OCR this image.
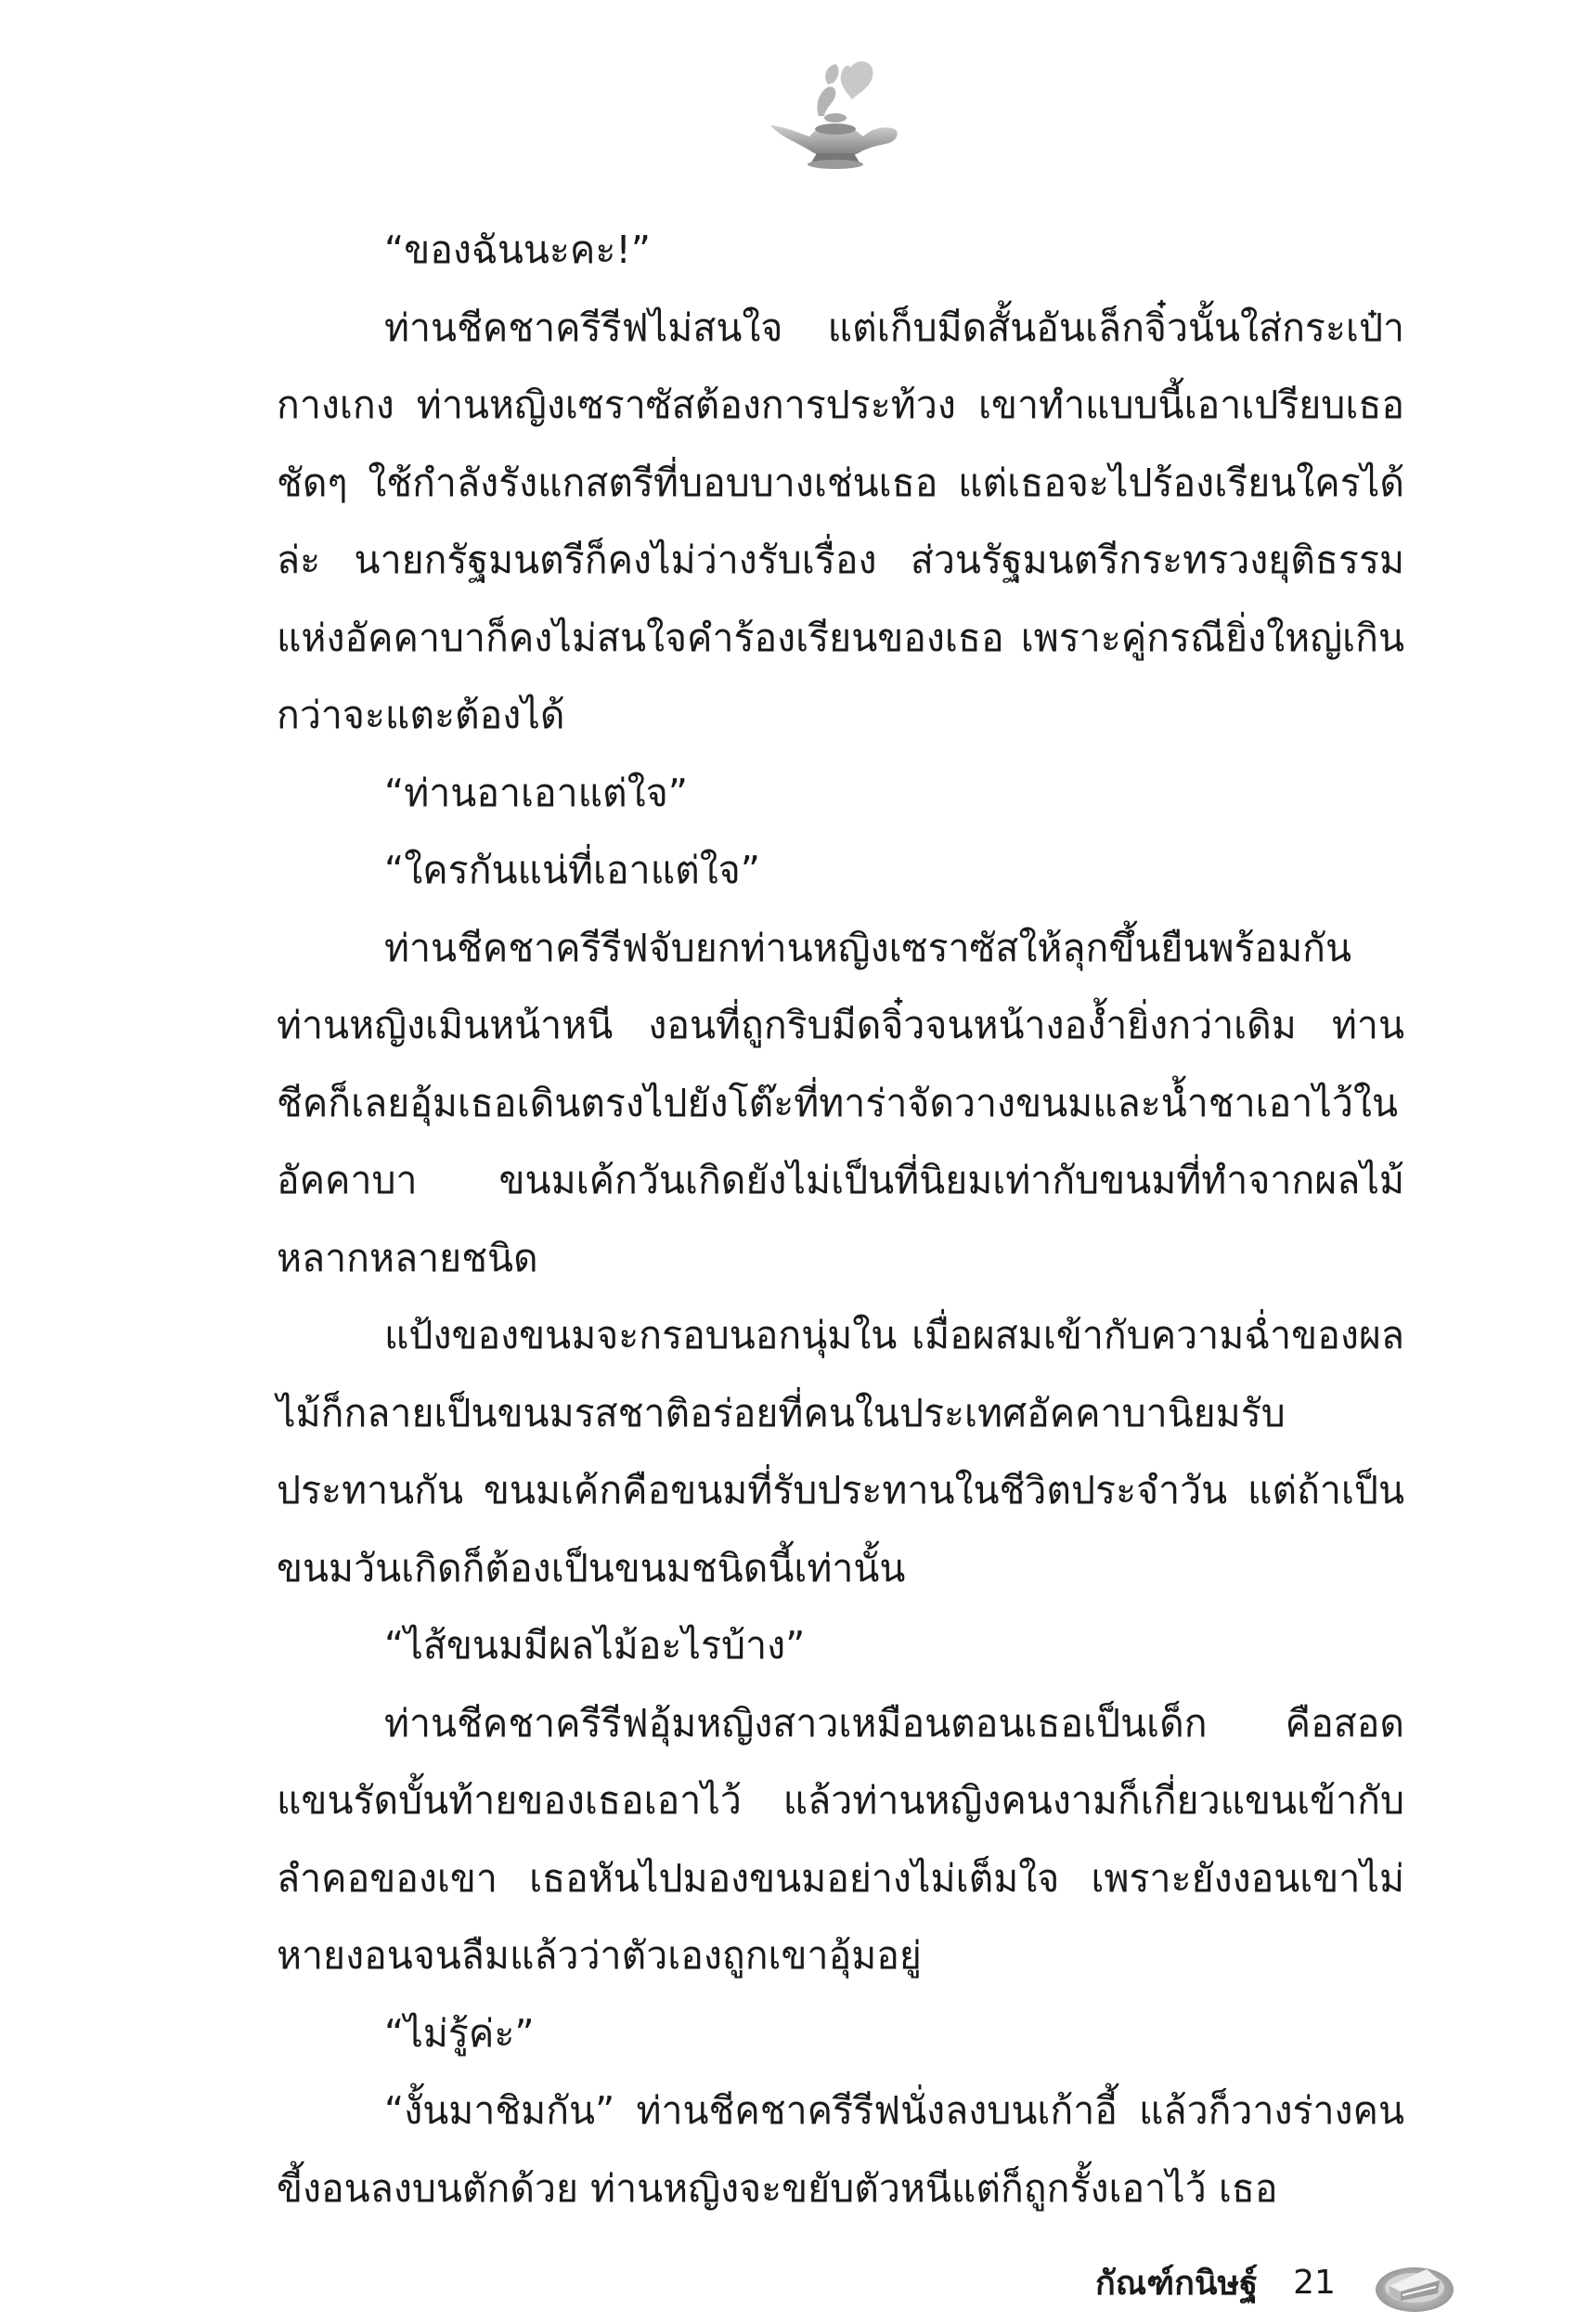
“ของฉันนะคะ!”

ท่านชีคชาครีรีฟไม่สนใจ แต่เก็บมีดสั้นอันเล็กจิ๋วนั้นใส่กระเป๋ากางเกง ท่านหญิงเซราซัสต้องการประท้วง เขาทำแบบนี้เอาเปรียบเธอชัดๆ ใช้กำลังรังแกสตรีที่บอบบางเช่นเธอ แต่เธอจะไปร้องเรียนใครได้ล่ะ นายกรัฐมนตรีก็คงไม่ว่างรับเรื่อง ส่วนรัฐมนตรีกระทรวงยุติธรรมแห่งอัคคาบาก็คงไม่สนใจคำร้องเรียนของเธอ เพราะคู่กรณียิ่งใหญ่เกินกว่าจะแตะต้องได้

“ท่านอาเอาแต่ใจ”

“ใครกันแน่ที่เอาแต่ใจ”

ท่านชีคชาครีรีฟจับยกท่านหญิงเซราซัสให้ลุกขึ้นยืนพร้อมกัน ท่านหญิงเมินหน้าหนี งอนที่ถูกริบมีดจิ๋วจนหน้างอง้ำยิ่งกว่าเดิม ท่านชีคก็เลยอุ้มเธอเดินตรงไปยังโต๊ะที่ทาร่าจัดวางขนมและน้ำชาเอาไว้ในอัคคาบา ขนมเค้กวันเกิดยังไม่เป็นที่นิยมเท่ากับขนมที่ทำจากผลไม้หลากหลายชนิด

แป้งของขนมจะกรอบนอกนุ่มใน เมื่อผสมเข้ากับความฉ่ำของผลไม้ก็กลายเป็นขนมรสชาติอร่อยที่คนในประเทศอัคคาบานิยมรับประทานกัน ขนมเค้กคือขนมที่รับประทานในชีวิตประจำวัน แต่ถ้าเป็นขนมวันเกิดก็ต้องเป็นขนมชนิดนี้เท่านั้น

“ไส้ขนมมีผลไม้อะไรบ้าง”

ท่านชีคชาครีรีฟอุ้มหญิงสาวเหมือนตอนเธอเป็นเด็ก คือสอดแขนรัดบั้นท้ายของเธอเอาไว้ แล้วท่านหญิงคนงามก็เกี่ยวแขนเข้ากับลำคอของเขา เธอหันไปมองขนมอย่างไม่เต็มใจ เพราะยังงอนเขาไม่หายงอนจนลืมแล้วว่าตัวเองถูกเขาอุ้มอยู่

“ไม่รู้ค่ะ”

“งั้นมาชิมกัน” ท่านชีคชาครีรีฟนั่งลงบนเก้าอี้ แล้วก็วางร่างคนขี้งอนลงบนตักด้วย ท่านหญิงจะขยับตัวหนีแต่ก็ถูกรั้งเอาไว้ เธอ

กัณฑ์กนิษฐ์ 21
